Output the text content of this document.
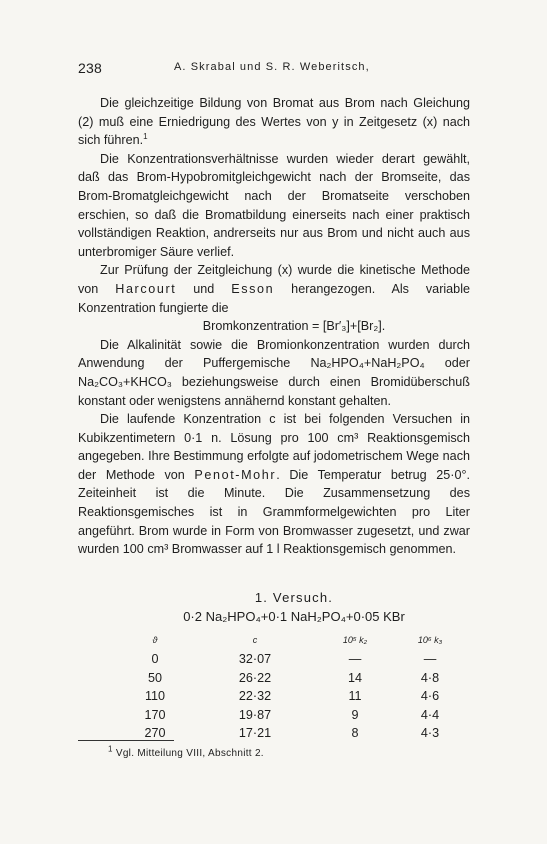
238	A. Skrabal und S. R. Weberitsch,

Die gleichzeitige Bildung von Bromat aus Brom nach Gleichung (2) muß eine Erniedrigung des Wertes von y in Zeitgesetz (x) nach sich führen.$^1$

Die Konzentrationsverhältnisse wurden wieder derart gewählt, daß das Brom-Hypobromitgleichgewicht nach der Bromseite, das Brom-Bromatgleichgewicht nach der Bromatseite verschoben erschien, so daß die Bromatbildung einerseits nach einer praktisch vollständigen Reaktion, andrerseits nur aus Brom und nicht auch aus unterbromiger Säure verlief.

Zur Prüfung der Zeitgleichung (x) wurde die kinetische Methode von Harcourt und Esson herangezogen. Als variable Konzentration fungierte die

Bromkonzentration = [Br′₃]+[Br₂].

Die Alkalinität sowie die Bromionkonzentration wurden durch Anwendung der Puffergemische Na₂HPO₄+NaH₂PO₄ oder Na₂CO₃+KHCO₃ beziehungsweise durch einen Bromidüberschuß konstant oder wenigstens annähernd konstant gehalten.

Die laufende Konzentration c ist bei folgenden Versuchen in Kubikzentimetern 0·1 n. Lösung pro 100 cm³ Reaktionsgemisch angegeben. Ihre Bestimmung erfolgte auf jodometrischem Wege nach der Methode von Penot-Mohr. Die Temperatur betrug 25·0°. Zeiteinheit ist die Minute. Die Zusammensetzung des Reaktionsgemisches ist in Grammformelgewichten pro Liter angeführt. Brom wurde in Form von Bromwasser zugesetzt, und zwar wurden 100 cm³ Bromwasser auf 1 l Reaktionsgemisch genommen.

1. Versuch.
0·2 Na₂HPO₄+0·1 NaH₂PO₄+0·05 KBr
ϑ	c	10⁵ k₂	10⁶ k₃
0	32·07	—	—
50	26·22	14	4·8
110	22·32	11	4·6
170	19·87	9	4·4
270	17·21	8	4·3
$^1$ Vgl. Mitteilung VIII, Abschnitt 2.
